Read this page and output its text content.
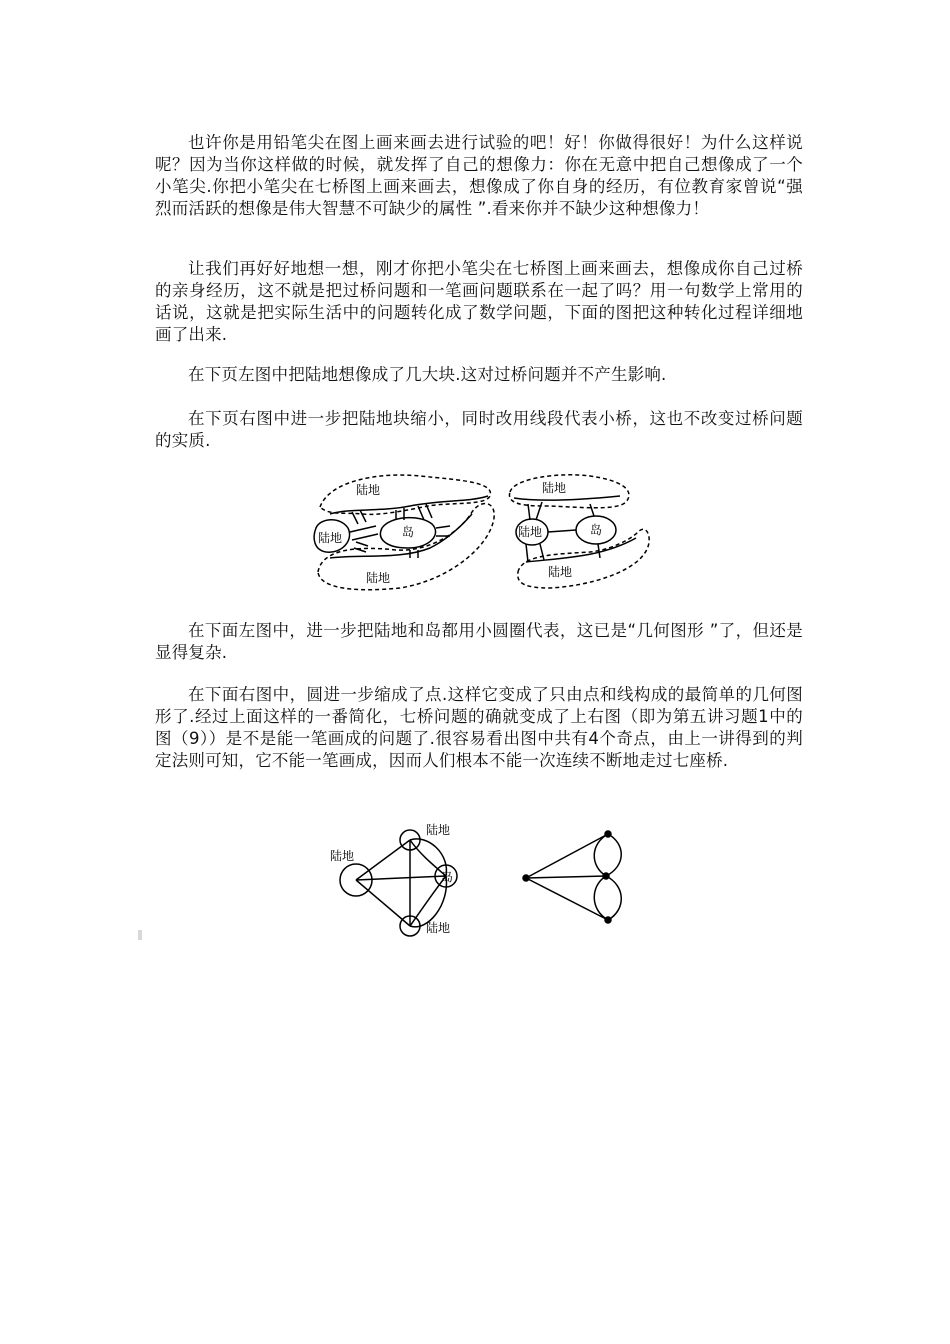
也许你是用铅笔尖在图上画来画去进行试验的吧！好！你做得很好！为什么这样说呢？因为当你这样做的时候，就发挥了自己的想像力：你在无意中把自己想像成了一个小笔尖.你把小笔尖在七桥图上画来画去，想像成了你自身的经历，有位教育家曾说“强烈而活跃的想像是伟大智慧不可缺少的属性 ”.看来你并不缺少这种想像力！

让我们再好好地想一想，刚才你把小笔尖在七桥图上画来画去，想像成你自己过桥的亲身经历，这不就是把过桥问题和一笔画问题联系在一起了吗？用一句数学上常用的话说，这就是把实际生活中的问题转化成了数学问题，下面的图把这种转化过程详细地画了出来.

在下页左图中把陆地想像成了几大块.这对过桥问题并不产生影响.

在下页右图中进一步把陆地块缩小，同时改用线段代表小桥，这也不改变过桥问题的实质.

陆地
陆地	岛
陆地
陆地
陆地	岛
陆地

在下面左图中，进一步把陆地和岛都用小圆圈代表，这已是“几何图形 ”了，但还是显得复杂.

在下面右图中，圆进一步缩成了点.这样它变成了只由点和线构成的最简单的几何图形了.经过上面这样的一番简化，七桥问题的确就变成了上右图（即为第五讲习题1中的图（9））是不是能一笔画成的问题了.很容易看出图中共有4个奇点，由上一讲得到的判定法则可知，它不能一笔画成，因而人们根本不能一次连续不断地走过七座桥.

陆地
陆地
岛
陆地
